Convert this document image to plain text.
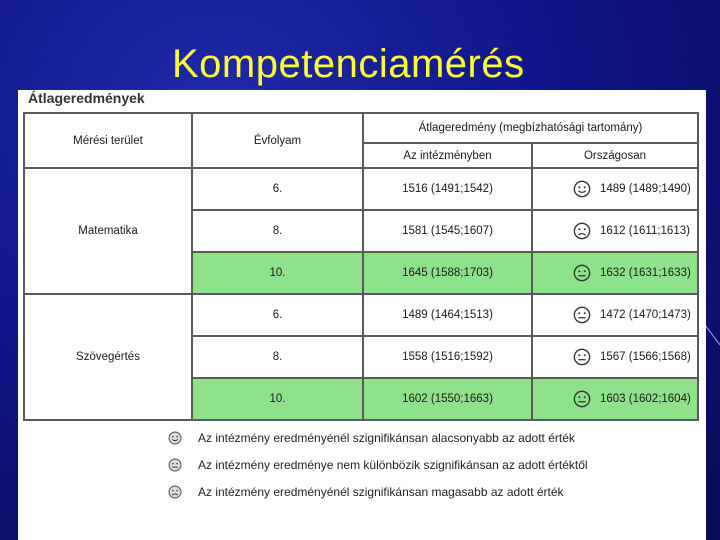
Kompetenciamérés
Átlageredmények
Mérési terület	Évfolyam	Átlageredmény (megbízhatósági tartomány)	
		Az intézményben	Országosan
Matematika	6.	1516 (1491;1542)	1489 (1489;1490)

	8.	1581 (1545;1607)	1612 (1611;1613)

	10.	1645 (1588;1703)	1632 (1631;1633)

Szövegértés	6.	1489 (1464;1513)	1472 (1470;1473)

	8.	1558 (1516;1592)	1567 (1566;1568)

	10.	1602 (1550;1663)	1603 (1602;1604)
Az intézmény eredményénél szignifikánsan alacsonyabb az adott érték
Az intézmény eredménye nem különbözik szignifikánsan az adott értéktől
Az intézmény eredményénél szignifikánsan magasabb az adott érték
